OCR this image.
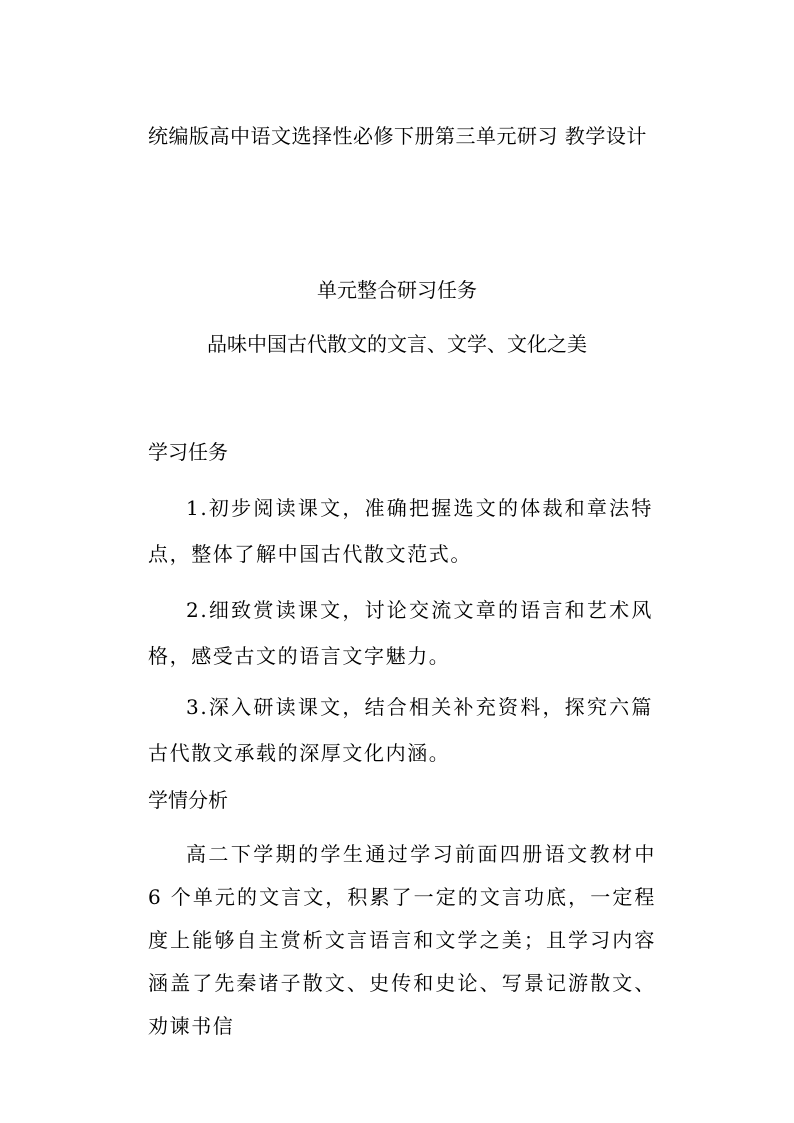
统编版高中语文选择性必修下册第三单元研习 教学设计

单元整合研习任务

品味中国古代散文的文言、文学、文化之美

学习任务

1.初步阅读课文，准确把握选文的体裁和章法特点，整体了解中国古代散文范式。

2.细致赏读课文，讨论交流文章的语言和艺术风格，感受古文的语言文字魅力。

3.深入研读课文，结合相关补充资料，探究六篇古代散文承载的深厚文化内涵。

学情分析

高二下学期的学生通过学习前面四册语文教材中 6 个单元的文言文，积累了一定的文言功底，一定程度上能够自主赏析文言语言和文学之美；且学习内容涵盖了先秦诸子散文、史传和史论、写景记游散文、劝谏书信
